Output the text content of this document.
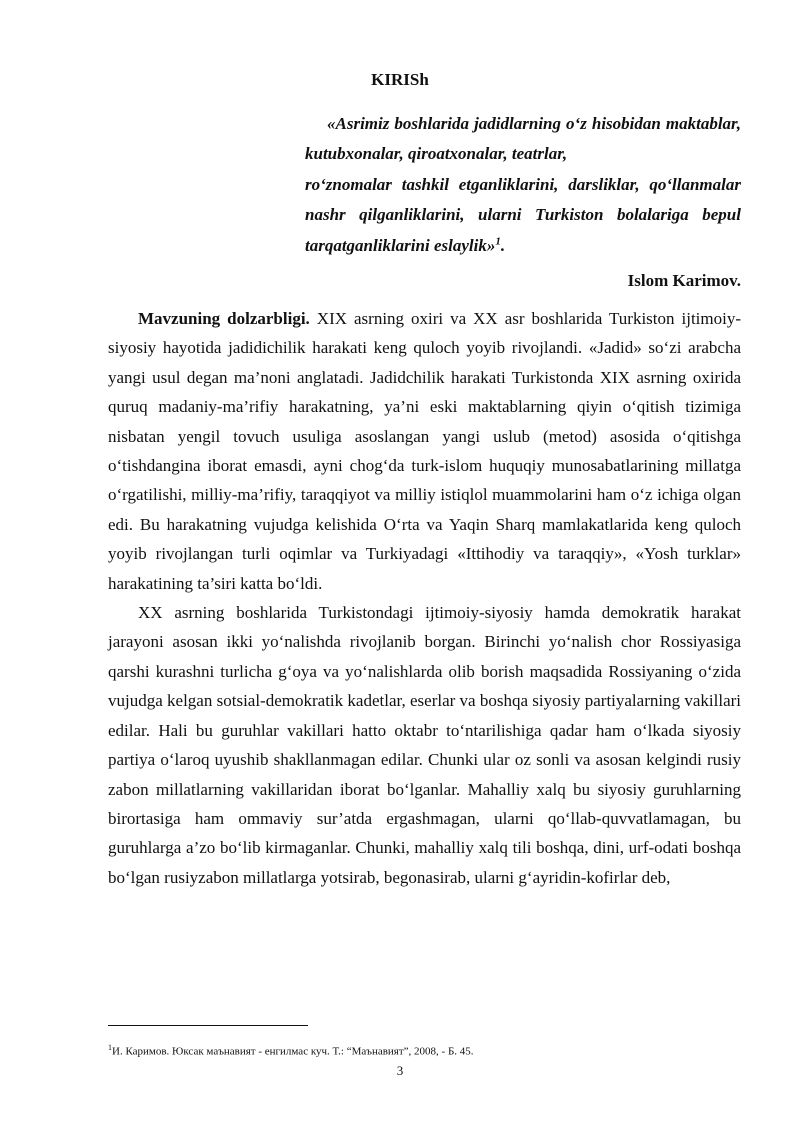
KIRISh

«Asrimiz boshlarida jadidlarning o‘z hisobidan maktablar, kutubxonalar, qiroatxonalar, teatrlar,

ro‘znomalar tashkil etganliklarini, darsliklar, qo‘llanmalar nashr qilganliklarini, ularni Turkiston bolalariga bepul tarqatganliklarini eslaylik»$^1$.

Islom Karimov.

Mavzuning dolzarbligi. XIX asrning oxiri va XX asr boshlarida Turkiston ijtimoiy-siyosiy hayotida jadidichilik harakati keng quloch yoyib rivojlandi. «Jadid» so‘zi arabcha yangi usul degan ma’noni anglatadi. Jadidchilik harakati Turkistonda XIX asrning oxirida quruq madaniy-ma’rifiy harakatning, ya’ni eski maktablarning qiyin o‘qitish tizimiga nisbatan yengil tovuch usuliga asoslangan yangi uslub (metod) asosida o‘qitishga o‘tishdangina iborat emasdi, ayni chog‘da turk-islom huquqiy munosabatlarining millatga o‘rgatilishi, milliy-ma’rifiy, taraqqiyot va milliy istiqlol muammolarini ham o‘z ichiga olgan edi. Bu harakatning vujudga kelishida O‘rta va Yaqin Sharq mamlakatlarida keng quloch yoyib rivojlangan turli oqimlar va Turkiyadagi «Ittihodiy va taraqqiy», «Yosh turklar» harakatining ta’siri katta bo‘ldi.

XX asrning boshlarida Turkistondagi ijtimoiy-siyosiy hamda demokratik harakat jarayoni asosan ikki yo‘nalishda rivojlanib borgan. Birinchi yo‘nalish chor Rossiyasiga qarshi kurashni turlicha g‘oya va yo‘nalishlarda olib borish maqsadida Rossiyaning o‘zida vujudga kelgan sotsial-demokratik kadetlar, eserlar va boshqa siyosiy partiyalarning vakillari edilar. Hali bu guruhlar vakillari hatto oktabr to‘ntarilishiga qadar ham o‘lkada siyosiy partiya o‘laroq uyushib shakllanmagan edilar. Chunki ular oz sonli va asosan kelgindi rusiy zabon millatlarning vakillaridan iborat bo‘lganlar. Mahalliy xalq bu siyosiy guruhlarning birortasiga ham ommaviy sur’atda ergashmagan, ularni qo‘llab-quvvatlamagan, bu guruhlarga a’zo bo‘lib kirmaganlar. Chunki, mahalliy xalq tili boshqa, dini, urf-odati boshqa bo‘lgan rusiyzabon millatlarga yotsirab, begonasirab, ularni g‘ayridin-kofirlar deb,

$^1$И. Каримов. Юксак маънавият - енгилмас куч. Т.: “Маънавият”, 2008, - Б. 45.
3
